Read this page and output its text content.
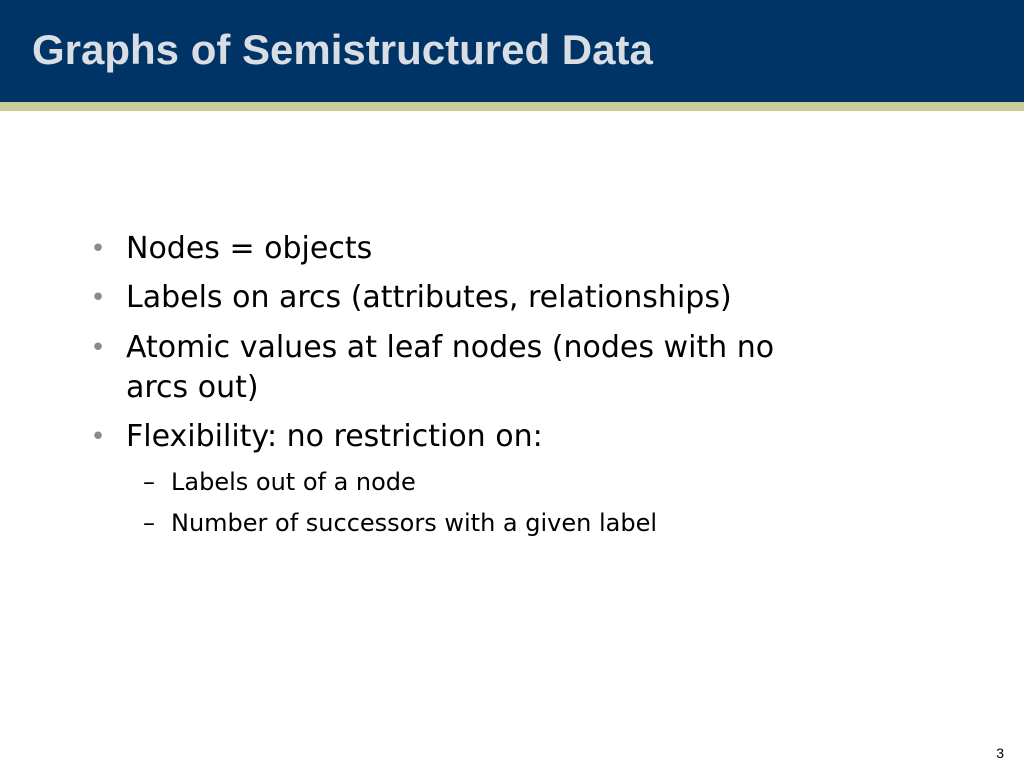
Graphs of Semistructured Data
• Nodes = objects
• Labels on arcs (attributes, relationships)
• Atomic values at leaf nodes (nodes with no
arcs out)
• Flexibility: no restriction on:
– Labels out of a node
– Number of successors with a given label
3
